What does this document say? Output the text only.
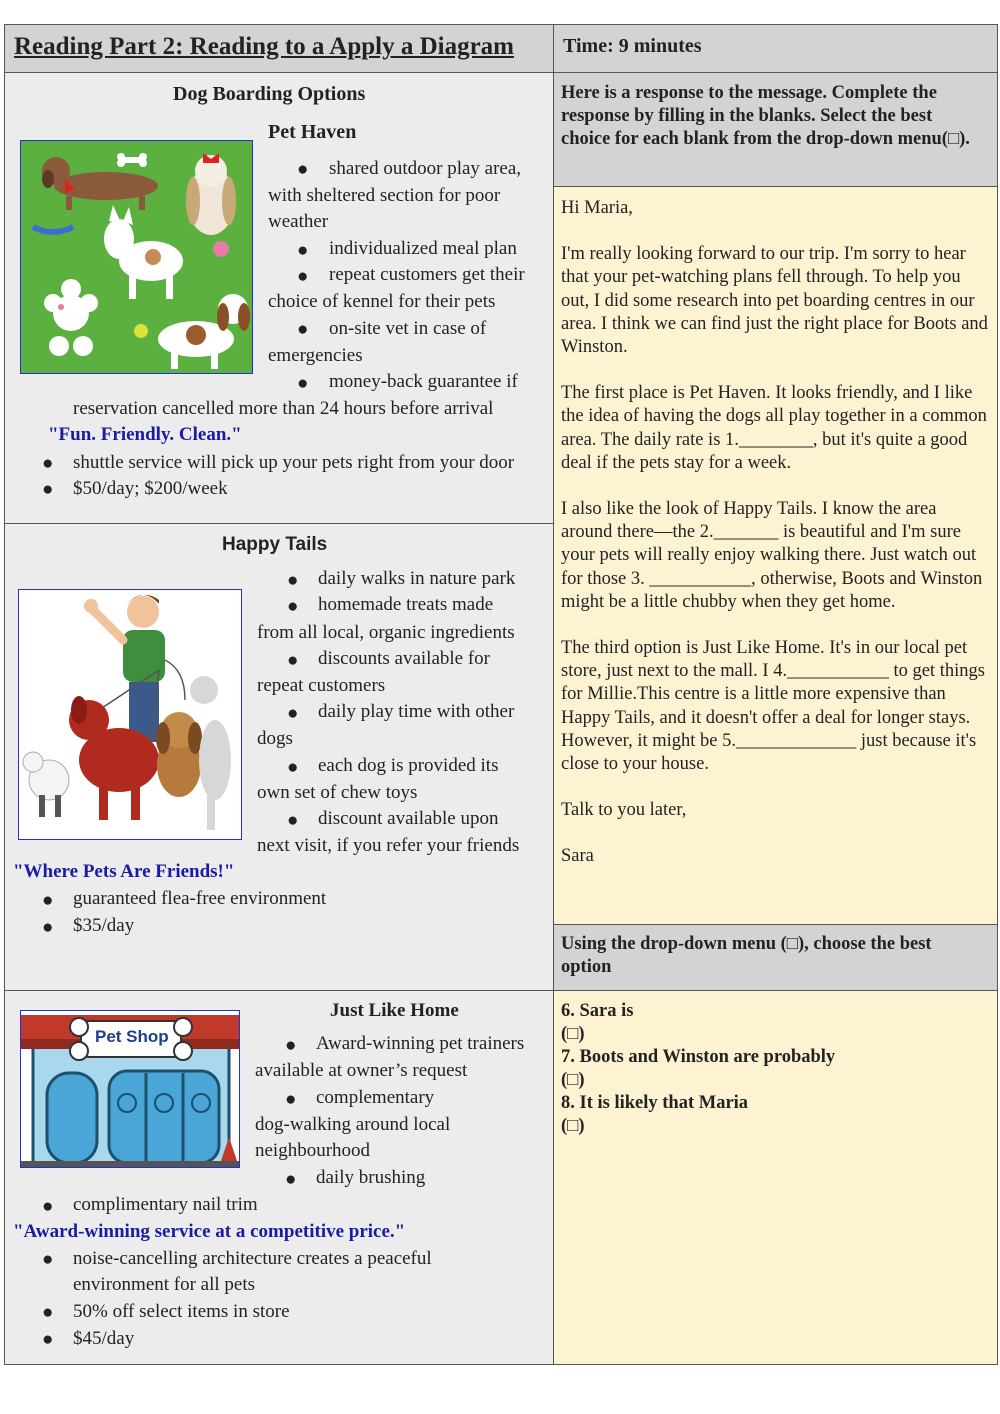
Reading Part 2: Reading to a Apply a Diagram Time: 9 minutes
Dog Boarding Options
Pet Haven
● shared outdoor play area,
with sheltered section for poor
weather
● individualized meal plan
● repeat customers get their
choice of kennel for their pets
● on-site vet in case of
emergencies
● money-back guarantee if
reservation cancelled more than 24 hours before arrival
"Fun. Friendly. Clean."
● shuttle service will pick up your pets right from your door
● $50/day; $200/week
Happy Tails
● daily walks in nature park
● homemade treats made
from all local, organic ingredients
● discounts available for
repeat customers
● daily play time with other
dogs
● each dog is provided its
own set of chew toys
● discount available upon
next visit, if you refer your friends
"Where Pets Are Friends!"
● guaranteed flea-free environment
● $35/day
Just Like Home
Pet Shop	● Award-winning pet trainers
available at owner’s request
● complementary
dog-walking around local
neighbourhood
● daily brushing
● complimentary nail trim
"Award-winning service at a competitive price."
● noise-cancelling architecture creates a peaceful
environment for all pets
● 50% off select items in store
● $45/day
Here is a response to the message. Complete the response by filling in the blanks. Select the best choice for each blank from the drop-down menu(□).

Hi Maria,

I'm really looking forward to our trip. I'm sorry to hear that your pet-watching plans fell through. To help you out, I did some research into pet boarding centres in our area. I think we can find just the right place for Boots and Winston.

The first place is Pet Haven. It looks friendly, and I like the idea of having the dogs all play together in a common area. The daily rate is 1.________, but it's quite a good deal if the pets stay for a week.

I also like the look of Happy Tails. I know the area around there—the 2._______ is beautiful and I'm sure your pets will really enjoy walking there. Just watch out for those 3. ___________, otherwise, Boots and Winston might be a little chubby when they get home.

The third option is Just Like Home. It's in our local pet store, just next to the mall. I 4.___________ to get things for Millie.This centre is a little more expensive than Happy Tails, and it doesn't offer a deal for longer stays. However, it might be 5._____________ just because it's close to your house.

Talk to you later,

Sara

Using the drop-down menu (□), choose the best option
6. Sara is
(□)
7. Boots and Winston are probably
(□)
8. It is likely that Maria
(□)
